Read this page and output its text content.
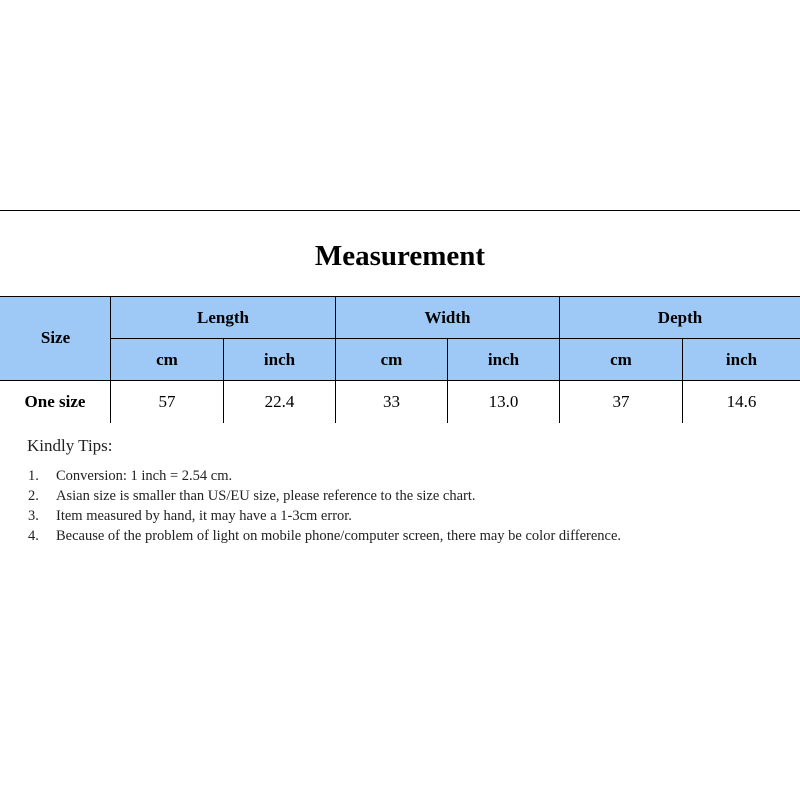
Measurement
Size
Length	Width	Depth
cm	inch	cm	inch	cm	inch
One size	57	22.4	33	13.0	37	14.6
Kindly Tips:
1.	Conversion: 1 inch = 2.54 cm.
2.	Asian size is smaller than US/EU size, please reference to the size chart.
3.	Item measured by hand, it may have a 1-3cm error.
4.	Because of the problem of light on mobile phone/computer screen, there may be color difference.
